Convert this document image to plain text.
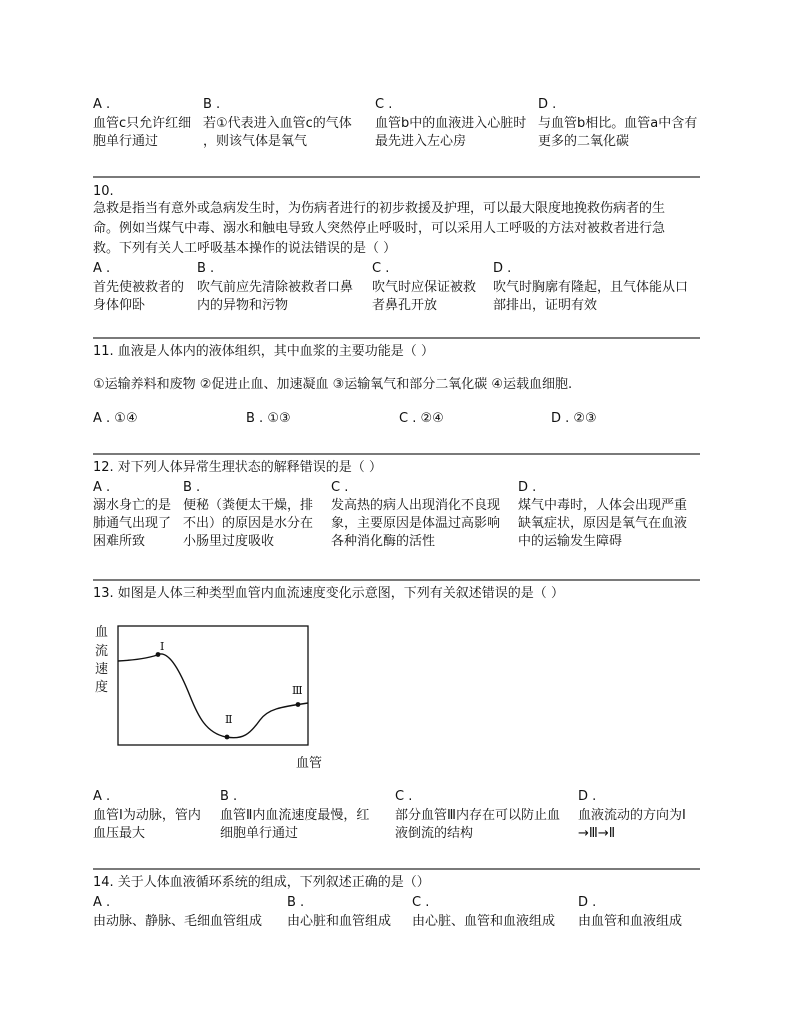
A .
血管c只允许红细
胞单行通过
B .
若①代表进入血管c的气体
，则该气体是氧气
C .
血管b中的血液进入心脏时
最先进入左心房
D .
与血管b相比。血管a中含有
更多的二氧化碳
10.
急救是指当有意外或急病发生时，为伤病者进行的初步救援及护理，可以最大限度地挽救伤病者的生
命。例如当煤气中毒、溺水和触电导致人突然停止呼吸时，可以采用人工呼吸的方法对被救者进行急
救。下列有关人工呼吸基本操作的说法错误的是（ ）
A .
首先使被救者的
身体仰卧
B .
吹气前应先清除被救者口鼻
内的异物和污物
C .
吹气时应保证被救
者鼻孔开放
D .
吹气时胸廓有隆起，且气体能从口
部排出，证明有效
11. 血液是人体内的液体组织，其中血浆的主要功能是（ ）
①运输养料和废物 ②促进止血、加速凝血 ③运输氧气和部分二氧化碳 ④运载血细胞.
A . ①④	B . ①③	C . ②④	D . ②③
12. 对下列人体异常生理状态的解释错误的是（ ）
A .
溺水身亡的是
肺通气出现了
困难所致
B .
便秘（粪便太干燥，排
不出）的原因是水分在
小肠里过度吸收
C .
发高热的病人出现消化不良现
象，主要原因是体温过高影响
各种消化酶的活性
D .
煤气中毒时，人体会出现严重
缺氧症状，原因是氧气在血液
中的运输发生障碍
13. 如图是人体三种类型血管内血流速度变化示意图，下列有关叙述错误的是（ ）
血
流
速
度
血管
Ⅰ
Ⅱ
Ⅲ
A .
血管Ⅰ为动脉，管内
血压最大
B .
血管Ⅱ内血流速度最慢，红
细胞单行通过
C .
部分血管Ⅲ内存在可以防止血
液倒流的结构
D .
血液流动的方向为Ⅰ
→Ⅲ→Ⅱ
14. 关于人体血液循环系统的组成，下列叙述正确的是（）
A .
由动脉、静脉、毛细血管组成
B .
由心脏和血管组成
C .
由心脏、血管和血液组成
D .
由血管和血液组成
